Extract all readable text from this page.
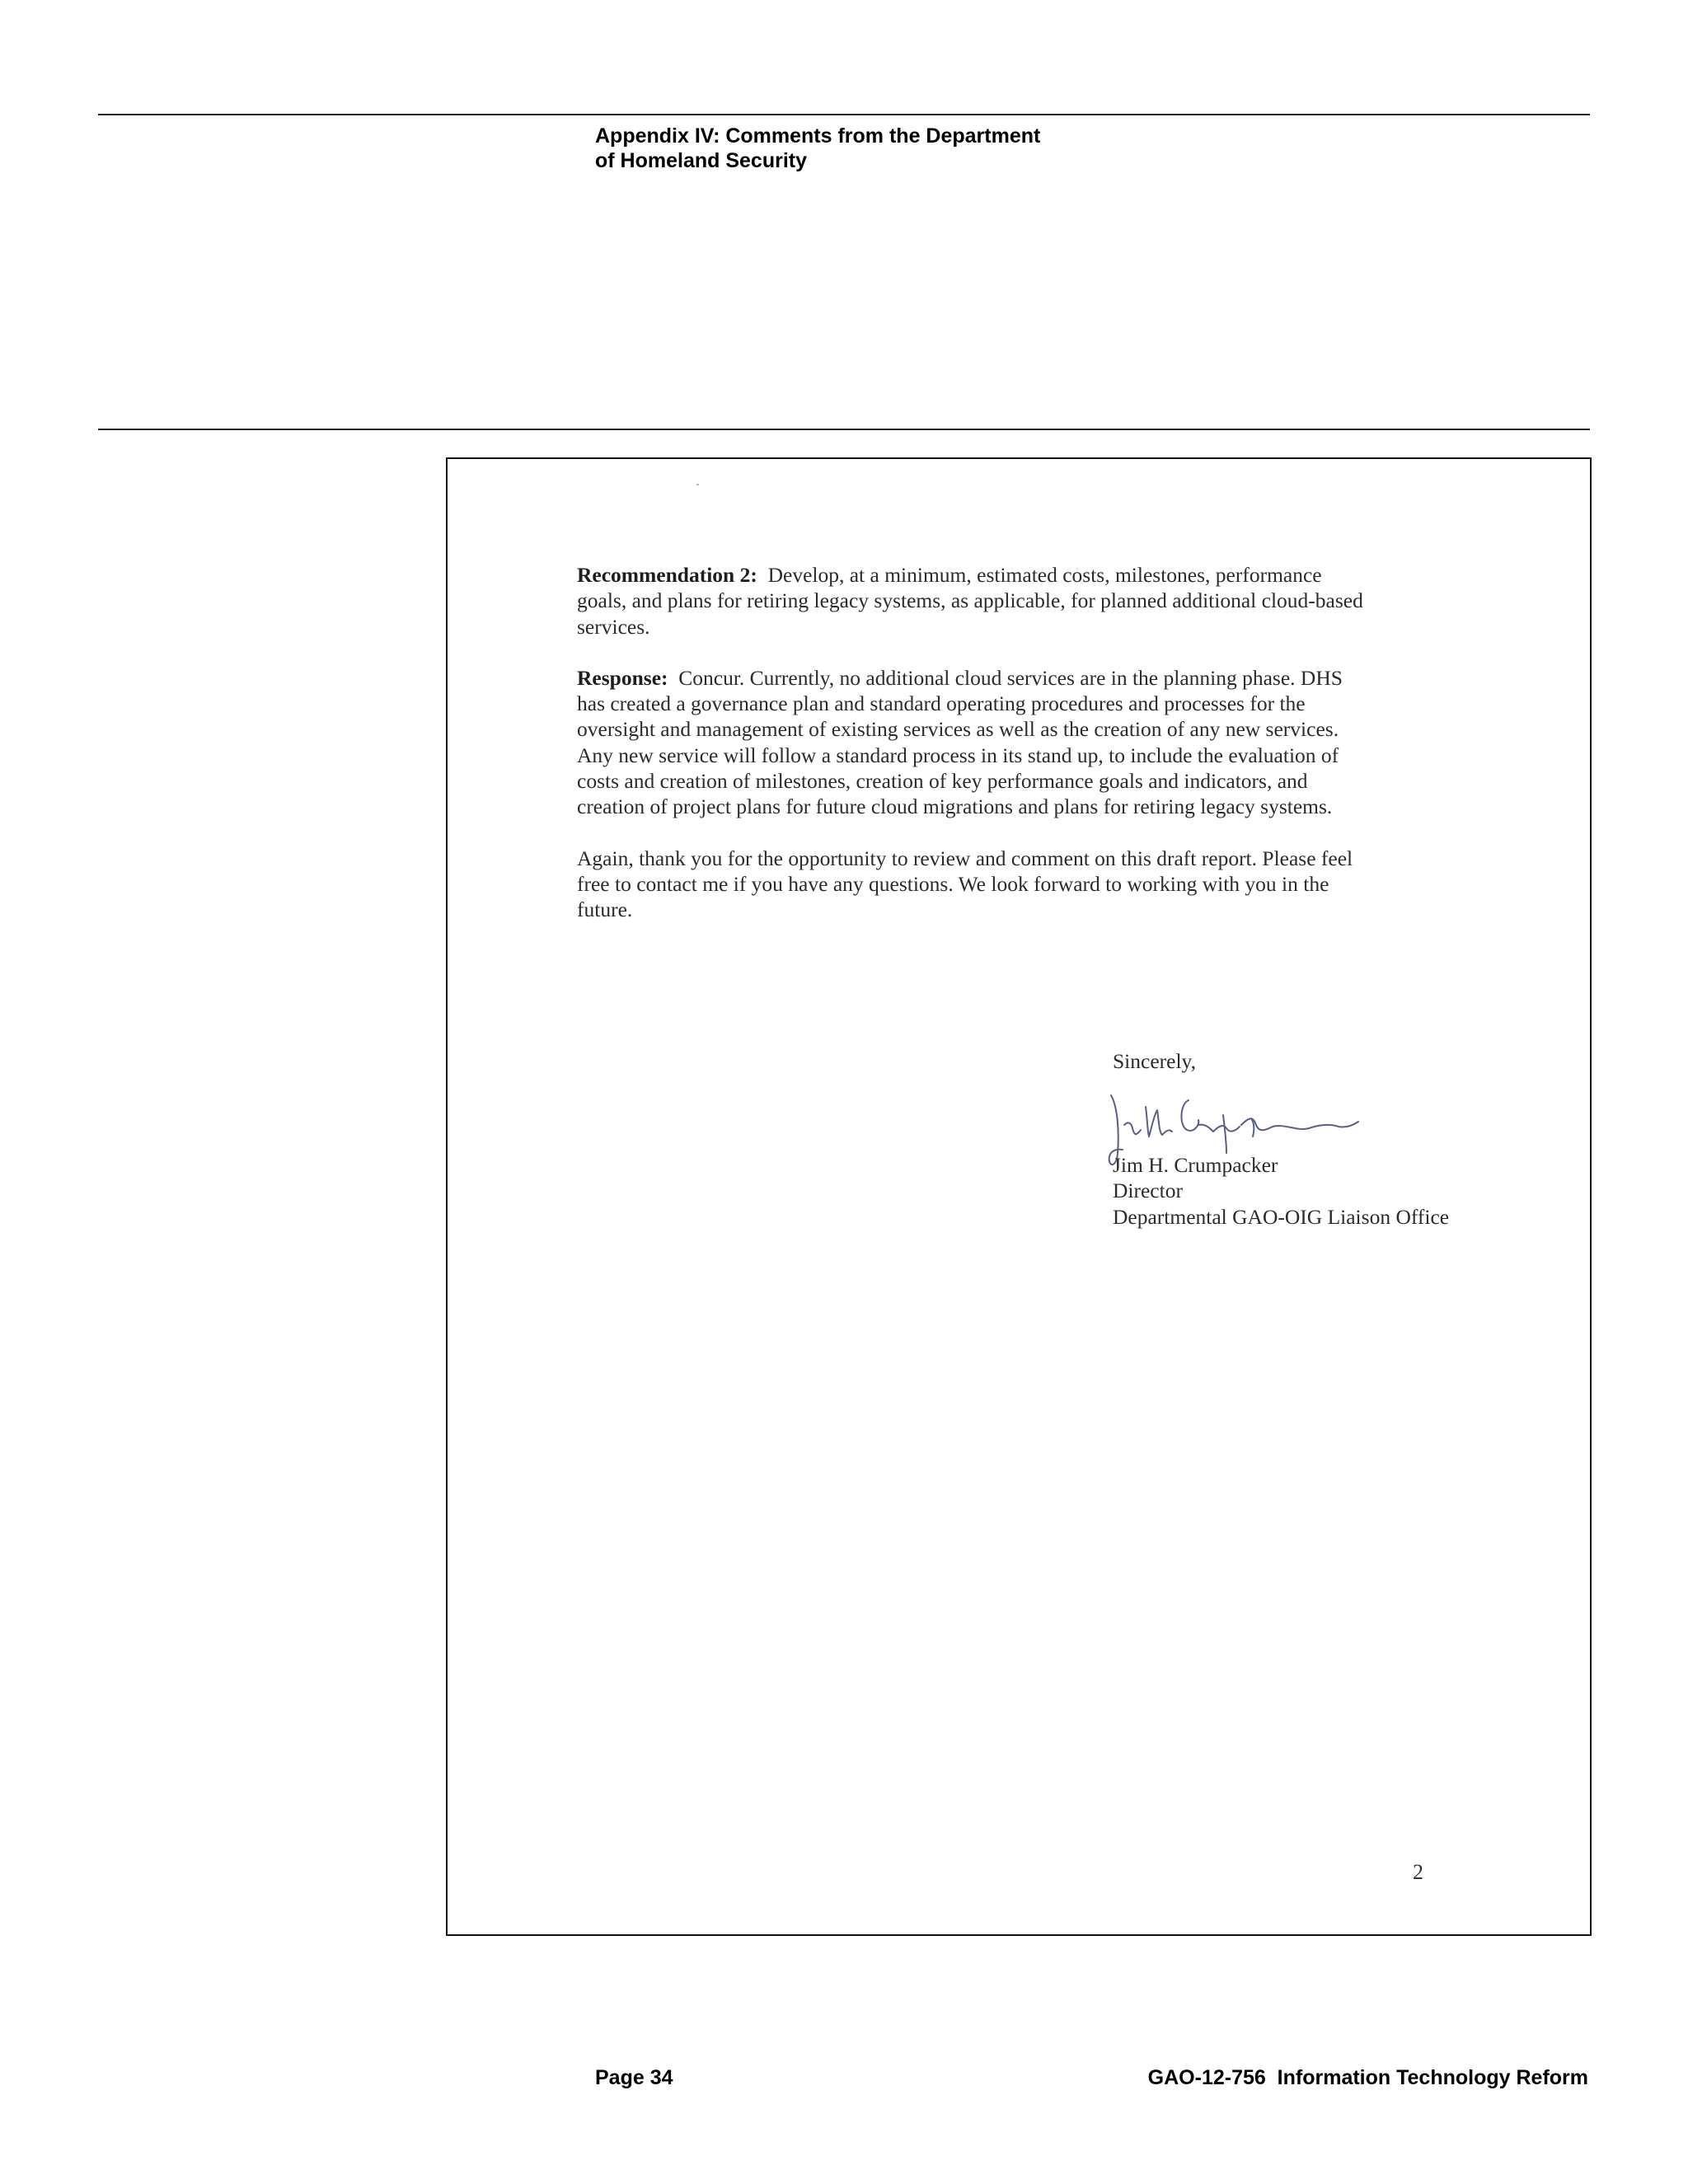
Appendix IV: Comments from the Department
of Homeland Security
Recommendation 2: Develop, at a minimum, estimated costs, milestones, performance
goals, and plans for retiring legacy systems, as applicable, for planned additional cloud-based
services.
Response: Concur. Currently, no additional cloud services are in the planning phase. DHS
has created a governance plan and standard operating procedures and processes for the
oversight and management of existing services as well as the creation of any new services.
Any new service will follow a standard process in its stand up, to include the evaluation of
costs and creation of milestones, creation of key performance goals and indicators, and
creation of project plans for future cloud migrations and plans for retiring legacy systems.
Again, thank you for the opportunity to review and comment on this draft report. Please feel
free to contact me if you have any questions. We look forward to working with you in the
future.
Sincerely,
Jim H. Crumpacker
Director
Departmental GAO-OIG Liaison Office
2
Page 34	GAO-12-756  Information Technology Reform
